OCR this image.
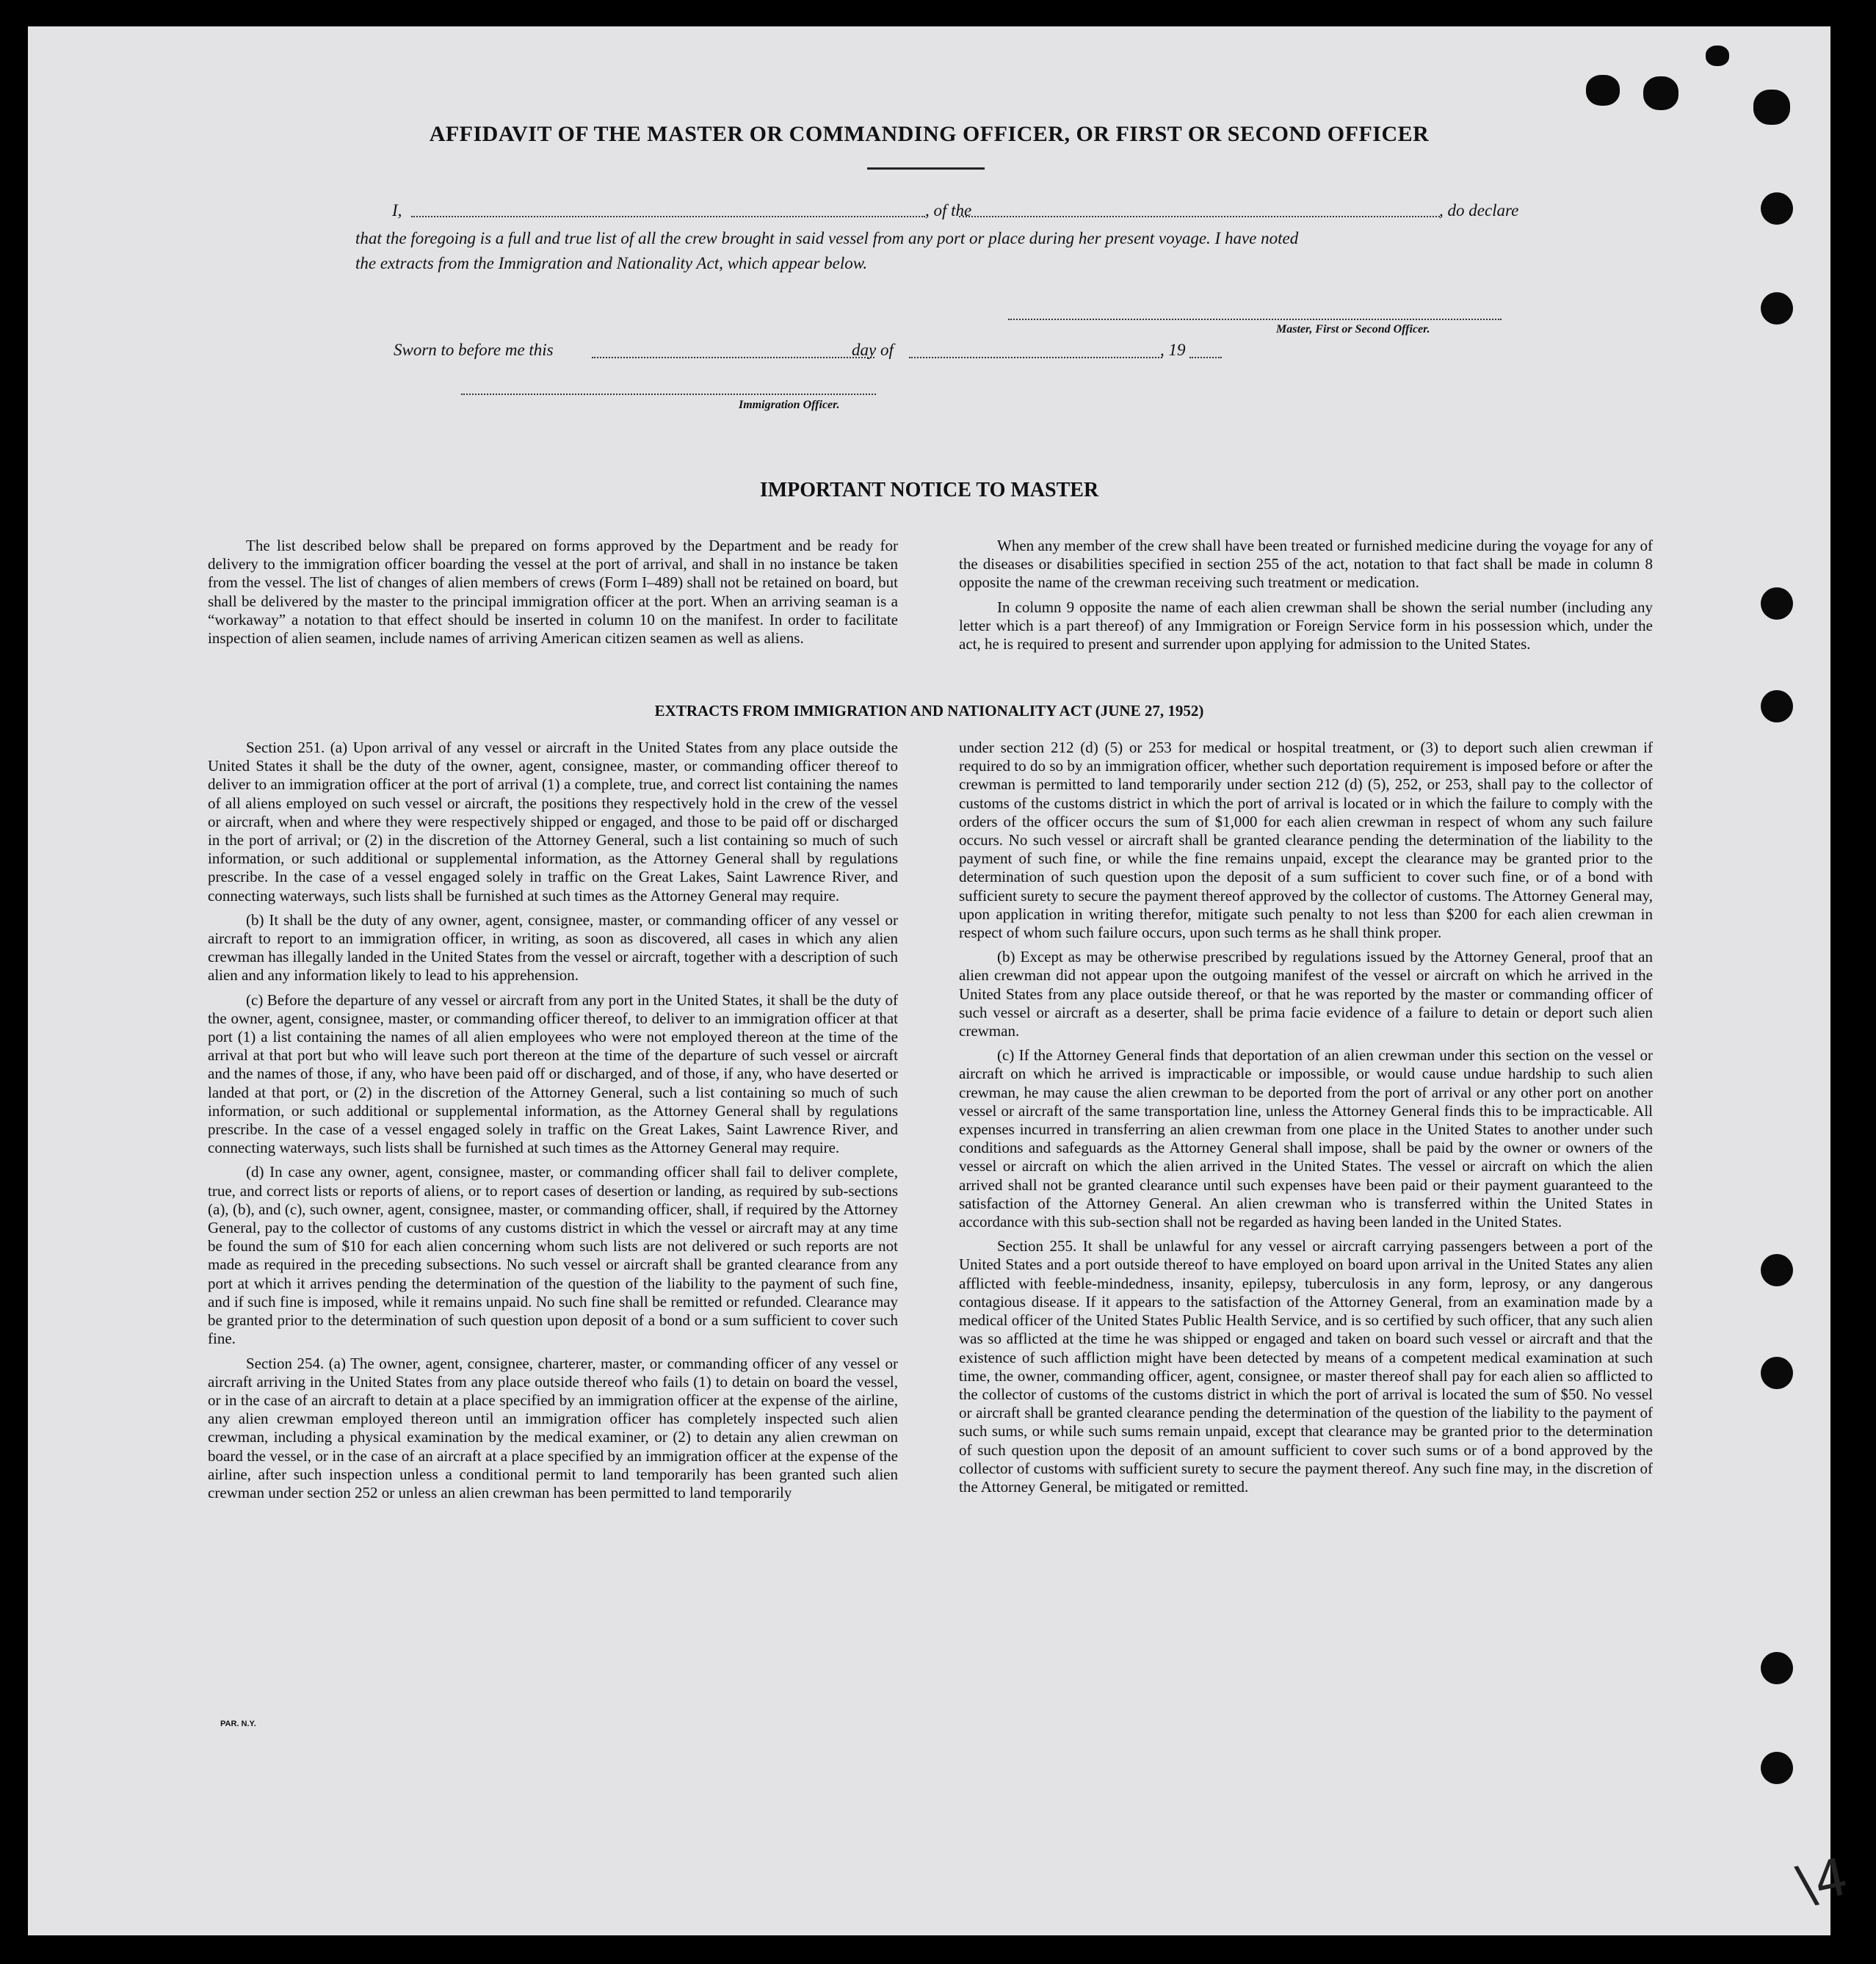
AFFIDAVIT OF THE MASTER OR COMMANDING OFFICER, OR FIRST OR SECOND OFFICER
I,	, of the	, do declare
that the foregoing is a full and true list of all the crew brought in said vessel from any port or place during her present voyage. I have noted
the extracts from the Immigration and Nationality Act, which appear below.
Master, First or Second Officer.
Sworn to before me this	day of	, 19
Immigration Officer.
IMPORTANT NOTICE TO MASTER

The list described below shall be prepared on forms approved by the Department and be ready for delivery to the immigration officer boarding the vessel at the port of arrival, and shall in no instance be taken from the vessel. The list of changes of alien members of crews (Form I–489) shall not be retained on board, but shall be delivered by the master to the principal immigration officer at the port. When an arriving seaman is a “workaway” a notation to that effect should be inserted in column 10 on the manifest. In order to facilitate inspection of alien seamen, include names of arriving American citizen seamen as well as aliens.

When any member of the crew shall have been treated or furnished medicine during the voyage for any of the diseases or disabilities specified in section 255 of the act, notation to that fact shall be made in column 8 opposite the name of the crewman receiving such treatment or medication.

In column 9 opposite the name of each alien crewman shall be shown the serial number (including any letter which is a part thereof) of any Immigration or Foreign Service form in his possession which, under the act, he is required to present and surrender upon applying for admission to the United States.

EXTRACTS FROM IMMIGRATION AND NATIONALITY ACT (JUNE 27, 1952)

Section 251. (a) Upon arrival of any vessel or aircraft in the United States from any place outside the United States it shall be the duty of the owner, agent, consignee, master, or commanding officer thereof to deliver to an immigration officer at the port of arrival (1) a complete, true, and correct list containing the names of all aliens employed on such vessel or aircraft, the positions they respectively hold in the crew of the vessel or aircraft, when and where they were respectively shipped or engaged, and those to be paid off or discharged in the port of arrival; or (2) in the discretion of the Attorney General, such a list containing so much of such information, or such additional or supplemental information, as the Attorney General shall by regulations prescribe. In the case of a vessel engaged solely in traffic on the Great Lakes, Saint Lawrence River, and connecting waterways, such lists shall be furnished at such times as the Attorney General may require.

(b) It shall be the duty of any owner, agent, consignee, master, or commanding officer of any vessel or aircraft to report to an immigration officer, in writing, as soon as discovered, all cases in which any alien crewman has illegally landed in the United States from the vessel or aircraft, together with a description of such alien and any information likely to lead to his apprehension.

(c) Before the departure of any vessel or aircraft from any port in the United States, it shall be the duty of the owner, agent, consignee, master, or commanding officer thereof, to deliver to an immigration officer at that port (1) a list containing the names of all alien employees who were not employed thereon at the time of the arrival at that port but who will leave such port thereon at the time of the departure of such vessel or aircraft and the names of those, if any, who have been paid off or discharged, and of those, if any, who have deserted or landed at that port, or (2) in the discretion of the Attorney General, such a list containing so much of such information, or such additional or supplemental information, as the Attorney General shall by regulations prescribe. In the case of a vessel engaged solely in traffic on the Great Lakes, Saint Lawrence River, and connecting waterways, such lists shall be furnished at such times as the Attorney General may require.

(d) In case any owner, agent, consignee, master, or commanding officer shall fail to deliver complete, true, and correct lists or reports of aliens, or to report cases of desertion or landing, as required by sub-sections (a), (b), and (c), such owner, agent, consignee, master, or commanding officer, shall, if required by the Attorney General, pay to the collector of customs of any customs district in which the vessel or aircraft may at any time be found the sum of $10 for each alien concerning whom such lists are not delivered or such reports are not made as required in the preceding subsections. No such vessel or aircraft shall be granted clearance from any port at which it arrives pending the determination of the question of the liability to the payment of such fine, and if such fine is imposed, while it remains unpaid. No such fine shall be remitted or refunded. Clearance may be granted prior to the determination of such question upon deposit of a bond or a sum sufficient to cover such fine.

Section 254. (a) The owner, agent, consignee, charterer, master, or commanding officer of any vessel or aircraft arriving in the United States from any place outside thereof who fails (1) to detain on board the vessel, or in the case of an aircraft to detain at a place specified by an immigration officer at the expense of the airline, any alien crewman employed thereon until an immigration officer has completely inspected such alien crewman, including a physical examination by the medical examiner, or (2) to detain any alien crewman on board the vessel, or in the case of an aircraft at a place specified by an immigration officer at the expense of the airline, after such inspection unless a conditional permit to land temporarily has been granted such alien crewman under section 252 or unless an alien crewman has been permitted to land temporarily

under section 212 (d) (5) or 253 for medical or hospital treatment, or (3) to deport such alien crewman if required to do so by an immigration officer, whether such deportation requirement is imposed before or after the crewman is permitted to land temporarily under section 212 (d) (5), 252, or 253, shall pay to the collector of customs of the customs district in which the port of arrival is located or in which the failure to comply with the orders of the officer occurs the sum of $1,000 for each alien crewman in respect of whom any such failure occurs. No such vessel or aircraft shall be granted clearance pending the determination of the liability to the payment of such fine, or while the fine remains unpaid, except the clearance may be granted prior to the determination of such question upon the deposit of a sum sufficient to cover such fine, or of a bond with sufficient surety to secure the payment thereof approved by the collector of customs. The Attorney General may, upon application in writing therefor, mitigate such penalty to not less than $200 for each alien crewman in respect of whom such failure occurs, upon such terms as he shall think proper.

(b) Except as may be otherwise prescribed by regulations issued by the Attorney General, proof that an alien crewman did not appear upon the outgoing manifest of the vessel or aircraft on which he arrived in the United States from any place outside thereof, or that he was reported by the master or commanding officer of such vessel or aircraft as a deserter, shall be prima facie evidence of a failure to detain or deport such alien crewman.

(c) If the Attorney General finds that deportation of an alien crewman under this section on the vessel or aircraft on which he arrived is impracticable or impossible, or would cause undue hardship to such alien crewman, he may cause the alien crewman to be deported from the port of arrival or any other port on another vessel or aircraft of the same transportation line, unless the Attorney General finds this to be impracticable. All expenses incurred in transferring an alien crewman from one place in the United States to another under such conditions and safeguards as the Attorney General shall impose, shall be paid by the owner or owners of the vessel or aircraft on which the alien arrived in the United States. The vessel or aircraft on which the alien arrived shall not be granted clearance until such expenses have been paid or their payment guaranteed to the satisfaction of the Attorney General. An alien crewman who is transferred within the United States in accordance with this sub-section shall not be regarded as having been landed in the United States.

Section 255. It shall be unlawful for any vessel or aircraft carrying passengers between a port of the United States and a port outside thereof to have employed on board upon arrival in the United States any alien afflicted with feeble-mindedness, insanity, epilepsy, tuberculosis in any form, leprosy, or any dangerous contagious disease. If it appears to the satisfaction of the Attorney General, from an examination made by a medical officer of the United States Public Health Service, and is so certified by such officer, that any such alien was so afflicted at the time he was shipped or engaged and taken on board such vessel or aircraft and that the existence of such affliction might have been detected by means of a competent medical examination at such time, the owner, commanding officer, agent, consignee, or master thereof shall pay for each alien so afflicted to the collector of customs of the customs district in which the port of arrival is located the sum of $50. No vessel or aircraft shall be granted clearance pending the determination of the question of the liability to the payment of such sums, or while such sums remain unpaid, except that clearance may be granted prior to the determination of such question upon the deposit of an amount sufficient to cover such sums or of a bond approved by the collector of customs with sufficient surety to secure the payment thereof. Any such fine may, in the discretion of the Attorney General, be mitigated or remitted.

PAR. N.Y.
\4
